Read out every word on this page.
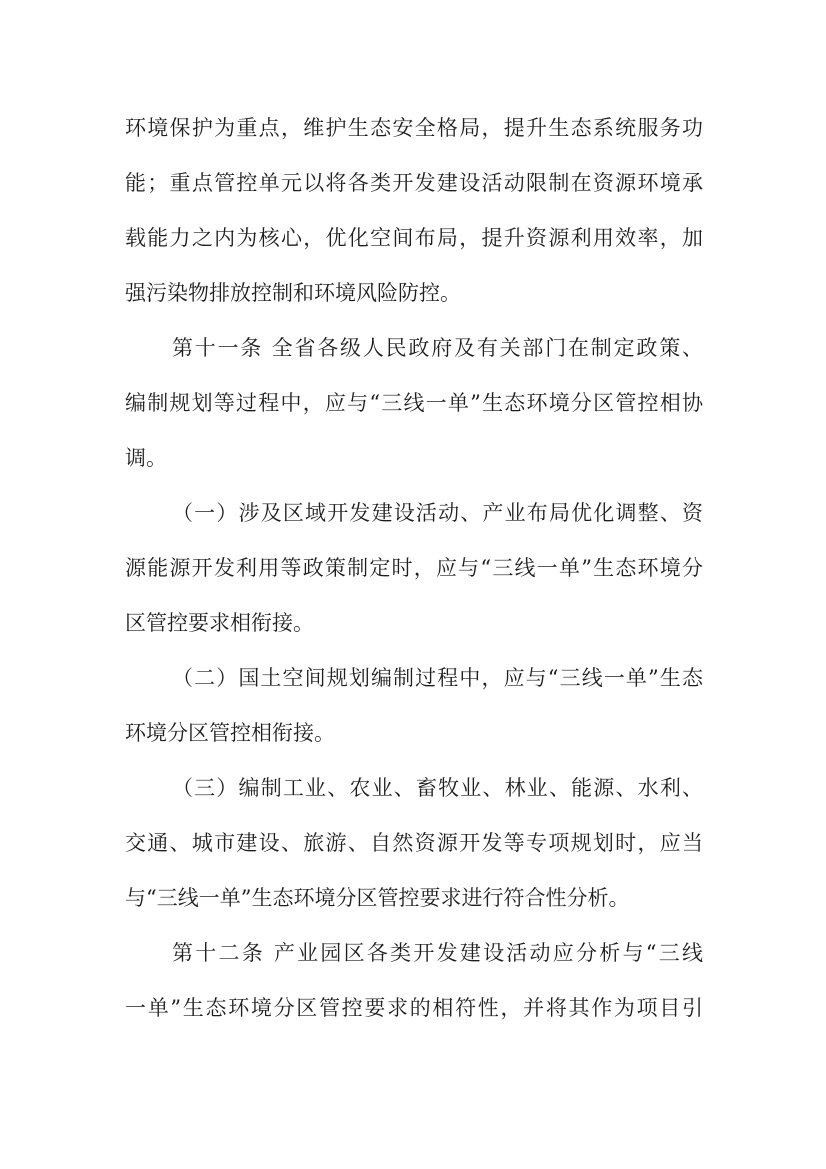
环境保护为重点，维护生态安全格局，提升生态系统服务功
能；重点管控单元以将各类开发建设活动限制在资源环境承
载能力之内为核心，优化空间布局，提升资源利用效率，加
强污染物排放控制和环境风险防控。
第十一条 全省各级人民政府及有关部门在制定政策、
编制规划等过程中，应与“三线一单”生态环境分区管控相协
调。
（一）涉及区域开发建设活动、产业布局优化调整、资
源能源开发利用等政策制定时，应与“三线一单”生态环境分
区管控要求相衔接。
（二）国土空间规划编制过程中，应与“三线一单”生态
环境分区管控相衔接。
（三）编制工业、农业、畜牧业、林业、能源、水利、
交通、城市建设、旅游、自然资源开发等专项规划时，应当
与“三线一单”生态环境分区管控要求进行符合性分析。
第十二条 产业园区各类开发建设活动应分析与“三线
一单”生态环境分区管控要求的相符性，并将其作为项目引
